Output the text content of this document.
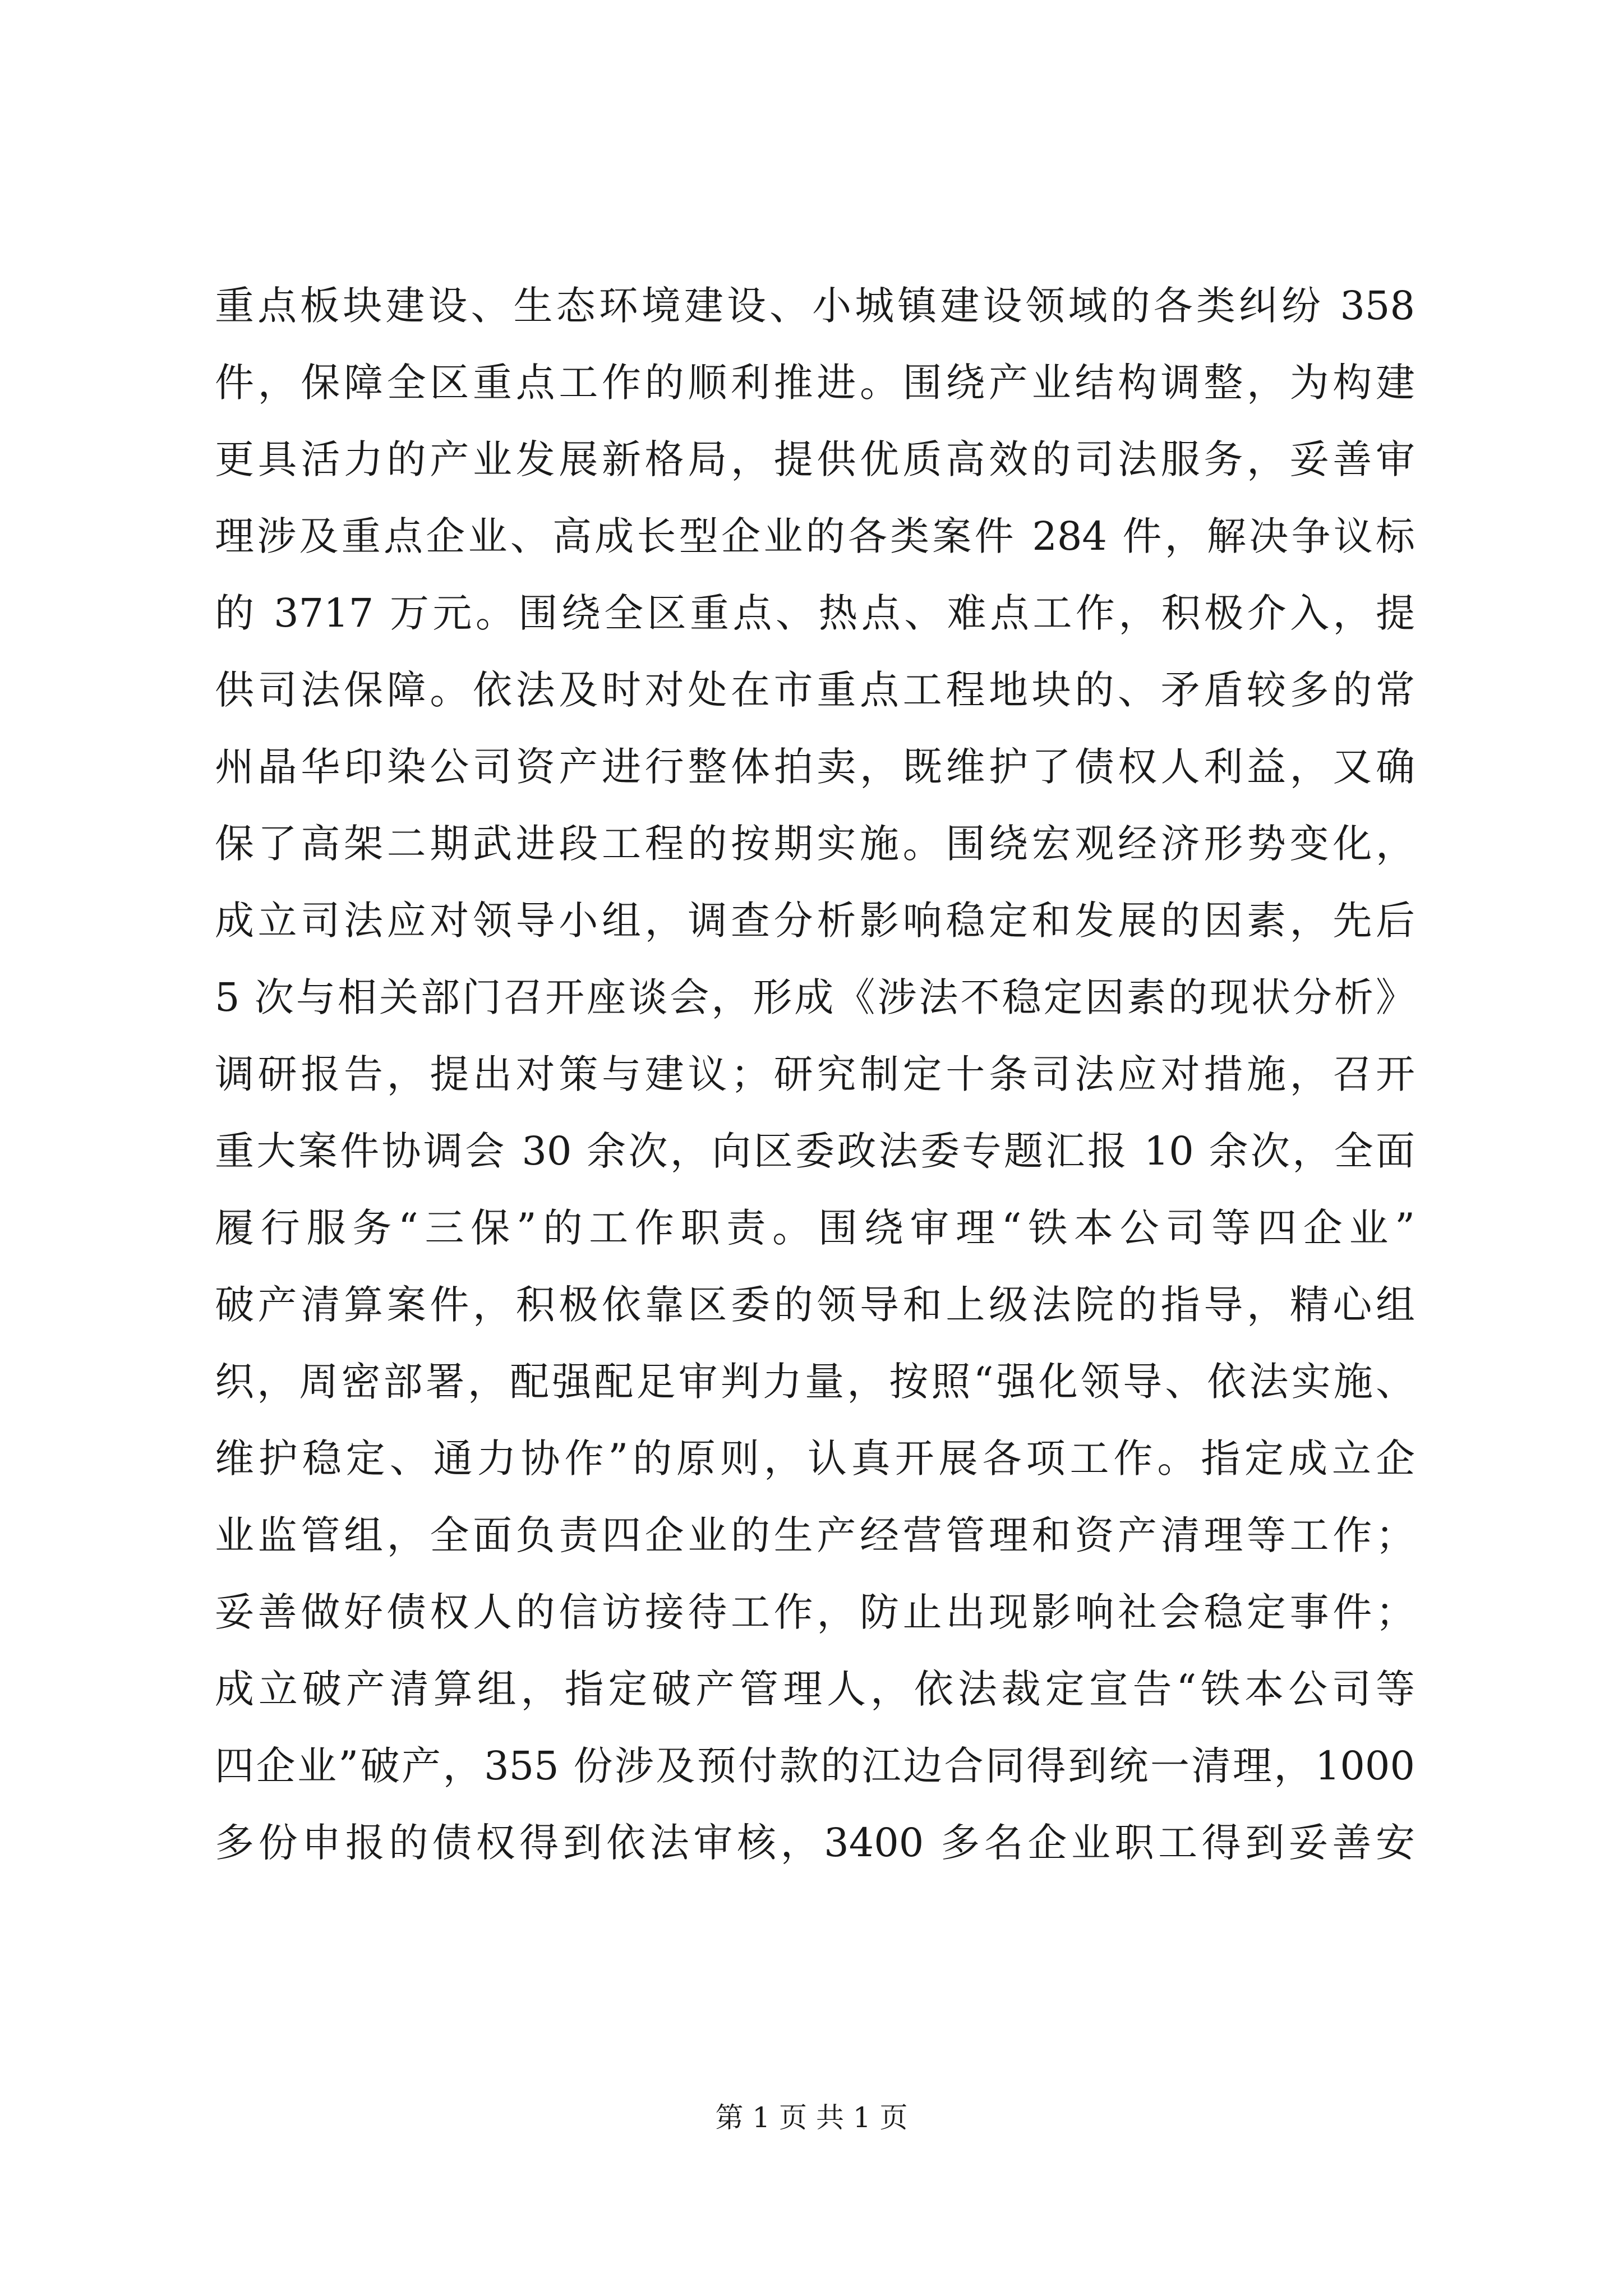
重点板块建设、生态环境建设、小城镇建设领域的各类纠纷 358
件，保障全区重点工作的顺利推进。围绕产业结构调整，为构建
更具活力的产业发展新格局，提供优质高效的司法服务，妥善审
理涉及重点企业、高成长型企业的各类案件 284 件，解决争议标
的 3717 万元。围绕全区重点、热点、难点工作，积极介入，提
供司法保障。依法及时对处在市重点工程地块的、矛盾较多的常
州晶华印染公司资产进行整体拍卖，既维护了债权人利益，又确
保了高架二期武进段工程的按期实施。围绕宏观经济形势变化，
成立司法应对领导小组，调查分析影响稳定和发展的因素，先后
5 次与相关部门召开座谈会，形成《涉法不稳定因素的现状分析》
调研报告，提出对策与建议；研究制定十条司法应对措施，召开
重大案件协调会 30 余次，向区委政法委专题汇报 10 余次，全面
履行服务“三保”的工作职责。围绕审理“铁本公司等四企业”
破产清算案件，积极依靠区委的领导和上级法院的指导，精心组
织，周密部署，配强配足审判力量，按照“强化领导、依法实施、
维护稳定、通力协作”的原则，认真开展各项工作。指定成立企
业监管组，全面负责四企业的生产经营管理和资产清理等工作；
妥善做好债权人的信访接待工作，防止出现影响社会稳定事件；
成立破产清算组，指定破产管理人，依法裁定宣告“铁本公司等
四企业”破产，355 份涉及预付款的江边合同得到统一清理，1000
多份申报的债权得到依法审核，3400 多名企业职工得到妥善安
第 1 页 共 1 页
